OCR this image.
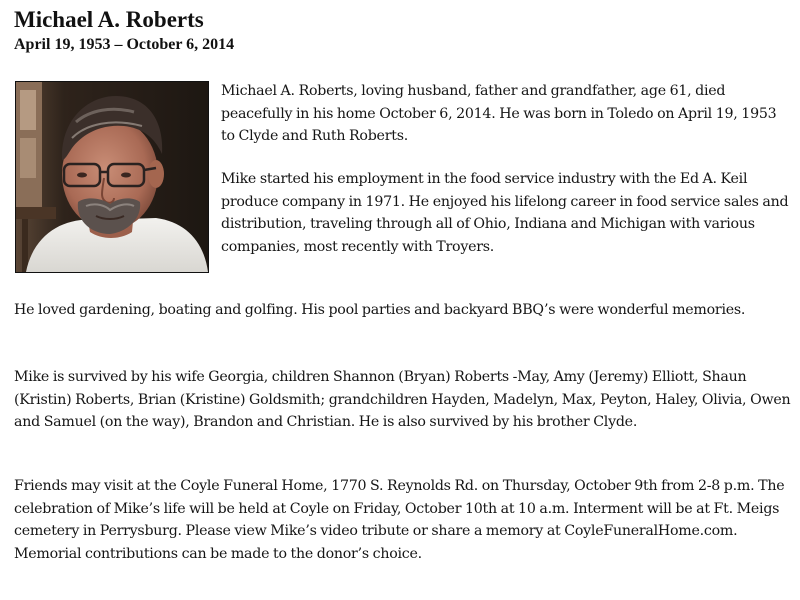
Michael A. Roberts
April 19, 1953 – October 6, 2014

Michael A. Roberts, loving husband, father and grandfather, age 61, died peacefully in his home October 6, 2014. He was born in Toledo on April 19, 1953 to Clyde and Ruth Roberts.

Mike started his employment in the food service industry with the Ed A. Keil produce company in 1971. He enjoyed his lifelong career in food service sales and distribution, traveling through all of Ohio, Indiana and Michigan with various companies, most recently with Troyers.

He loved gardening, boating and golfing. His pool parties and backyard BBQ’s were wonderful memories.

Mike is survived by his wife Georgia, children Shannon (Bryan) Roberts -May, Amy (Jeremy) Elliott, Shaun (Kristin) Roberts, Brian (Kristine) Goldsmith; grandchildren Hayden, Madelyn, Max, Peyton, Haley, Olivia, Owen and Samuel (on the way), Brandon and Christian. He is also survived by his brother Clyde.

Friends may visit at the Coyle Funeral Home, 1770 S. Reynolds Rd. on Thursday, October 9th from 2-8 p.m. The celebration of Mike’s life will be held at Coyle on Friday, October 10th at 10 a.m. Interment will be at Ft. Meigs cemetery in Perrysburg. Please view Mike’s video tribute or share a memory at CoyleFuneralHome.com. Memorial contributions can be made to the donor’s choice.
